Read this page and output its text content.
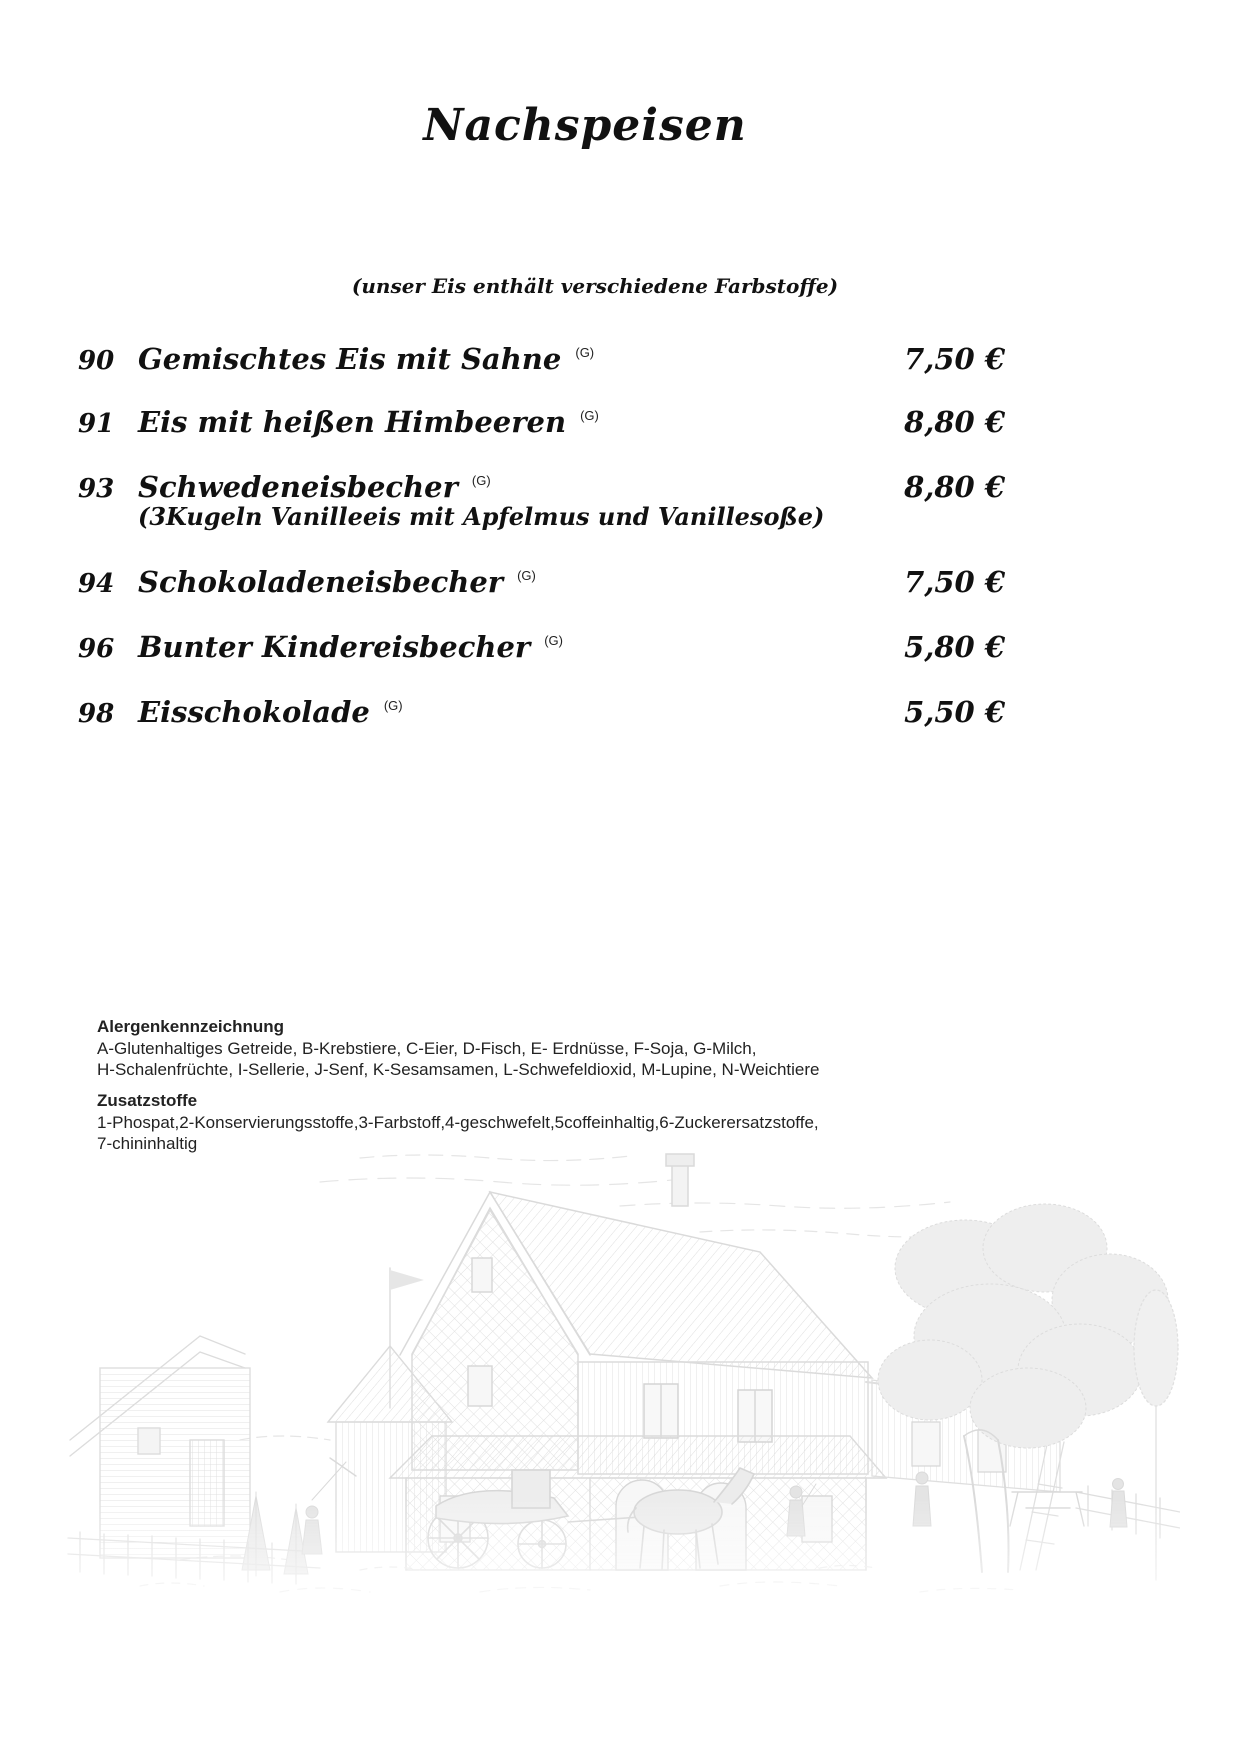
Nachspeisen
(unser Eis enthält verschiedene Farbstoffe)
90 Gemischtes Eis mit Sahne $^{(G)}$	7,50 €
91 Eis mit heißen Himbeeren $^{(G)}$	8,80 €
93 Schwedeneisbecher $^{(G)}$	8,80 €
(3Kugeln Vanilleeis mit Apfelmus und Vanillesoße)
94 Schokoladeneisbecher $^{(G)}$	7,50 €
96 Bunter Kindereisbecher $^{(G)}$	5,80 €
98 Eisschokolade $^{(G)}$	5,50 €
Alergenkennzeichnung
A-Glutenhaltiges Getreide, B-Krebstiere, C-Eier, D-Fisch, E- Erdnüsse, F-Soja, G-Milch,
H-Schalenfrüchte, I-Sellerie, J-Senf, K-Sesamsamen, L-Schwefeldioxid, M-Lupine, N-Weichtiere
Zusatzstoffe
1-Phospat,2-Konservierungsstoffe,3-Farbstoff,4-geschwefelt,5coffeinhaltig,6-Zuckerersatzstoffe,
7-chininhaltig
